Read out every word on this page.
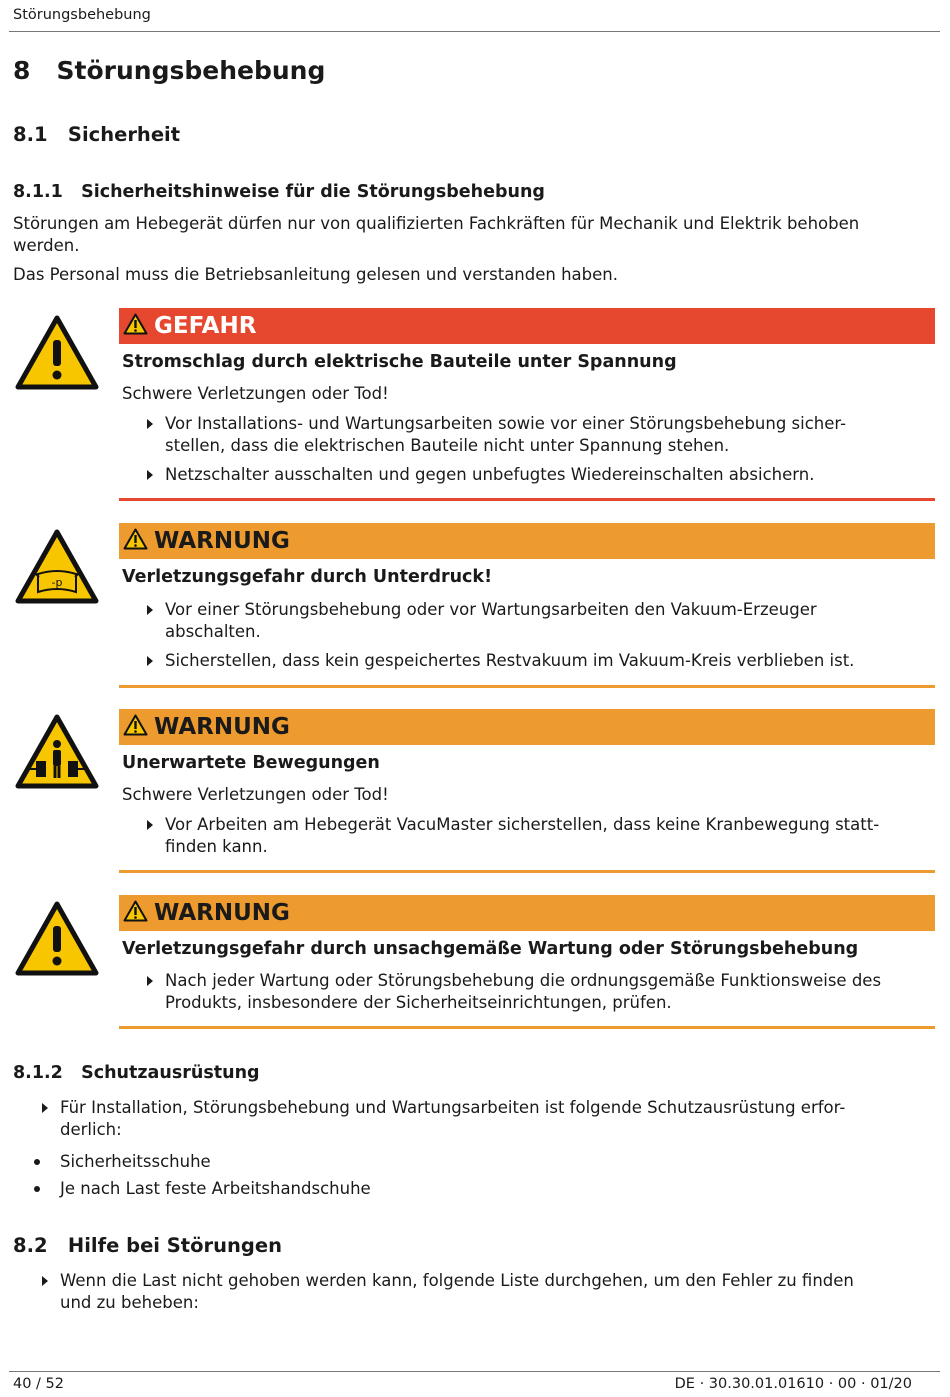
Störungsbehebung
8 Störungsbehebung
8.1 Sicherheit
8.1.1 Sicherheitshinweise für die Störungsbehebung
Störungen am Hebegerät dürfen nur von qualifizierten Fachkräften für Mechanik und Elektrik behoben
werden.
Das Personal muss die Betriebsanleitung gelesen und verstanden haben.
GEFAHR
Stromschlag durch elektrische Bauteile unter Spannung
Schwere Verletzungen oder Tod!
Vor Installations- und Wartungsarbeiten sowie vor einer Störungsbehebung sicher-
stellen, dass die elektrischen Bauteile nicht unter Spannung stehen.
Netzschalter ausschalten und gegen unbefugtes Wiedereinschalten absichern.
-p
WARNUNG
Verletzungsgefahr durch Unterdruck!
Vor einer Störungsbehebung oder vor Wartungsarbeiten den Vakuum-Erzeuger
abschalten.
Sicherstellen, dass kein gespeichertes Restvakuum im Vakuum-Kreis verblieben ist.
WARNUNG
Unerwartete Bewegungen
Schwere Verletzungen oder Tod!
Vor Arbeiten am Hebegerät VacuMaster sicherstellen, dass keine Kranbewegung statt-
finden kann.
WARNUNG
Verletzungsgefahr durch unsachgemäße Wartung oder Störungsbehebung
Nach jeder Wartung oder Störungsbehebung die ordnungsgemäße Funktionsweise des
Produkts, insbesondere der Sicherheitseinrichtungen, prüfen.
8.1.2 Schutzausrüstung
Für Installation, Störungsbehebung und Wartungsarbeiten ist folgende Schutzausrüstung erfor-
derlich:
Sicherheitsschuhe
Je nach Last feste Arbeitshandschuhe
8.2 Hilfe bei Störungen
Wenn die Last nicht gehoben werden kann, folgende Liste durchgehen, um den Fehler zu finden
und zu beheben:
40 / 52	DE · 30.30.01.01610 · 00 · 01/20
